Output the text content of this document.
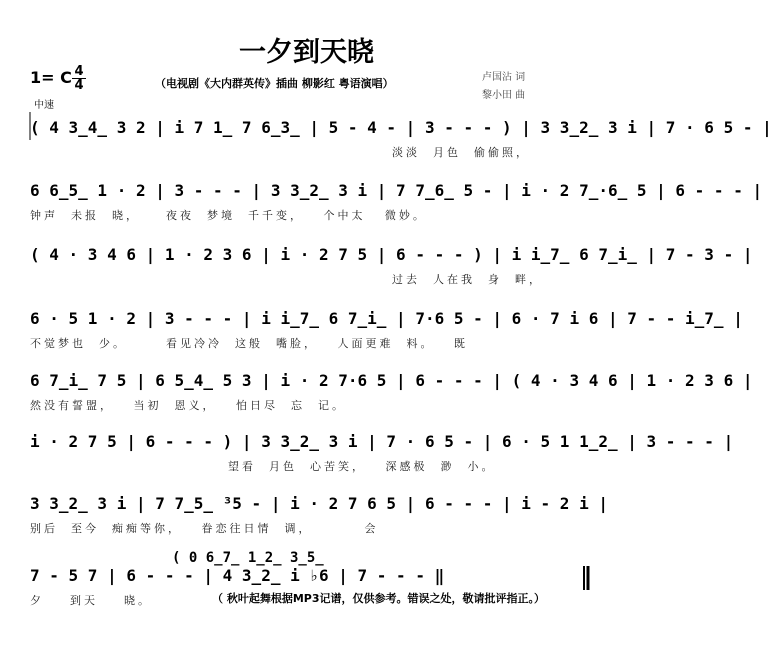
一夕到天晓
1= C 4
4
中速
（电视剧《大内群英传》插曲 柳影红 粤语演唱）	卢国沾 词
黎小田 曲
( 4 3̲4̲ 3 2 | i 7 1̲ 7 6̲3̲ | 5 - 4 - | 3 - - - ) | 3 3̲2̲ 3 i | 7 · 6 5 - |
淡淡  月色  偷偷照，
6 6̲5̲ 1 · 2 | 3 - - - | 3 3̲2̲ 3 i | 7 7̲6̲ 5 - | i · 2 7̲·6̲ 5 | 6 - - - |
钟声  未报  晓，    夜夜  梦境  千千变，   个中太   微妙。
( 4 · 3 4 6 | 1 · 2 3 6 | i · 2 7 5 | 6 - - - ) | i i̲7̲ 6 7̲i̲ | 7 - 3 - |
过去  人在我  身  畔，
6 · 5 1 · 2 | 3 - - - | i i̲7̲ 6 7̲i̲ | 7·6 5 - | 6 · 7 i 6 | 7 - - i̲7̲ |
不觉梦也  少。      看见冷冷  这般  嘴脸，   人面更难  料。   既
6 7̲i̲ 7 5 | 6 5̲4̲ 5 3 | i · 2 7·6 5 | 6 - - - | ( 4 · 3 4 6 | 1 · 2 3 6 |
然没有誓盟，   当初  恩义，   怕日尽  忘  记。
i · 2 7 5 | 6 - - - ) | 3 3̲2̲ 3 i | 7 · 6 5 - | 6 · 5 1 1̲2̲ | 3 - - - |
望看  月色  心苦笑，   深感极  渺  小。
3 3̲2̲ 3 i | 7 7̲5̲ ³5 - | i · 2 7 6 5 | 6 - - - | i - 2 i |
别后  至今  痴痴等你，   眷恋往日情  调，        会
( 0 6̲7̲ 1̲2̲ 3̲5̲
7 - 5 7 | 6 - - - | 4 3̲2̲ i ♭6 | 7 - - - ‖
夕    到天    晓。	（ 秋叶起舞根据MP3记谱，仅供参考。错误之处，敬请批评指正。）
